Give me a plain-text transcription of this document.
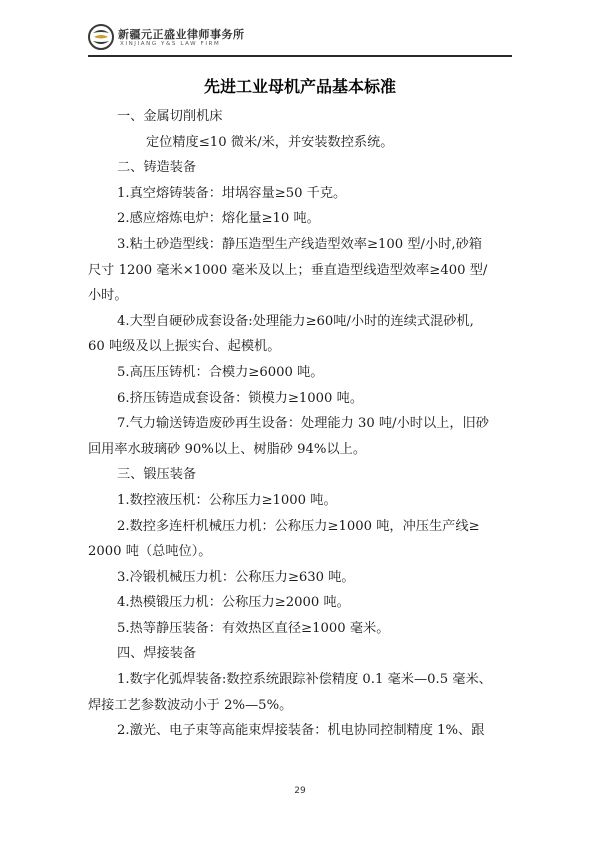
新疆元正盛业律师事务所
XINJIANG Y&S LAW FIRM
先进工业母机产品基本标准
一、金属切削机床
定位精度≤10 微米/米，并安装数控系统。
二、铸造装备
1.真空熔铸装备：坩埚容量≥50 千克。
2.感应熔炼电炉：熔化量≥10 吨。
3.粘土砂造型线：静压造型生产线造型效率≥100 型/小时,砂箱
尺寸 1200 毫米×1000 毫米及以上；垂直造型线造型效率≥400 型/
小时。
4.大型自硬砂成套设备:处理能力≥60吨/小时的连续式混砂机,
60 吨级及以上振实台、起模机。
5.高压压铸机：合模力≥6000 吨。
6.挤压铸造成套设备：锁模力≥1000 吨。
7.气力输送铸造废砂再生设备：处理能力 30 吨/小时以上，旧砂
回用率水玻璃砂 90%以上、树脂砂 94%以上。
三、锻压装备
1.数控液压机：公称压力≥1000 吨。
2.数控多连杆机械压力机：公称压力≥1000 吨，冲压生产线≥
2000 吨（总吨位）。
3.冷锻机械压力机：公称压力≥630 吨。
4.热模锻压力机：公称压力≥2000 吨。
5.热等静压装备：有效热区直径≥1000 毫米。
四、焊接装备
1.数字化弧焊装备:数控系统跟踪补偿精度 0.1 毫米—0.5 毫米、
焊接工艺参数波动小于 2%—5%。
2.激光、电子束等高能束焊接装备：机电协同控制精度 1%、跟
29
